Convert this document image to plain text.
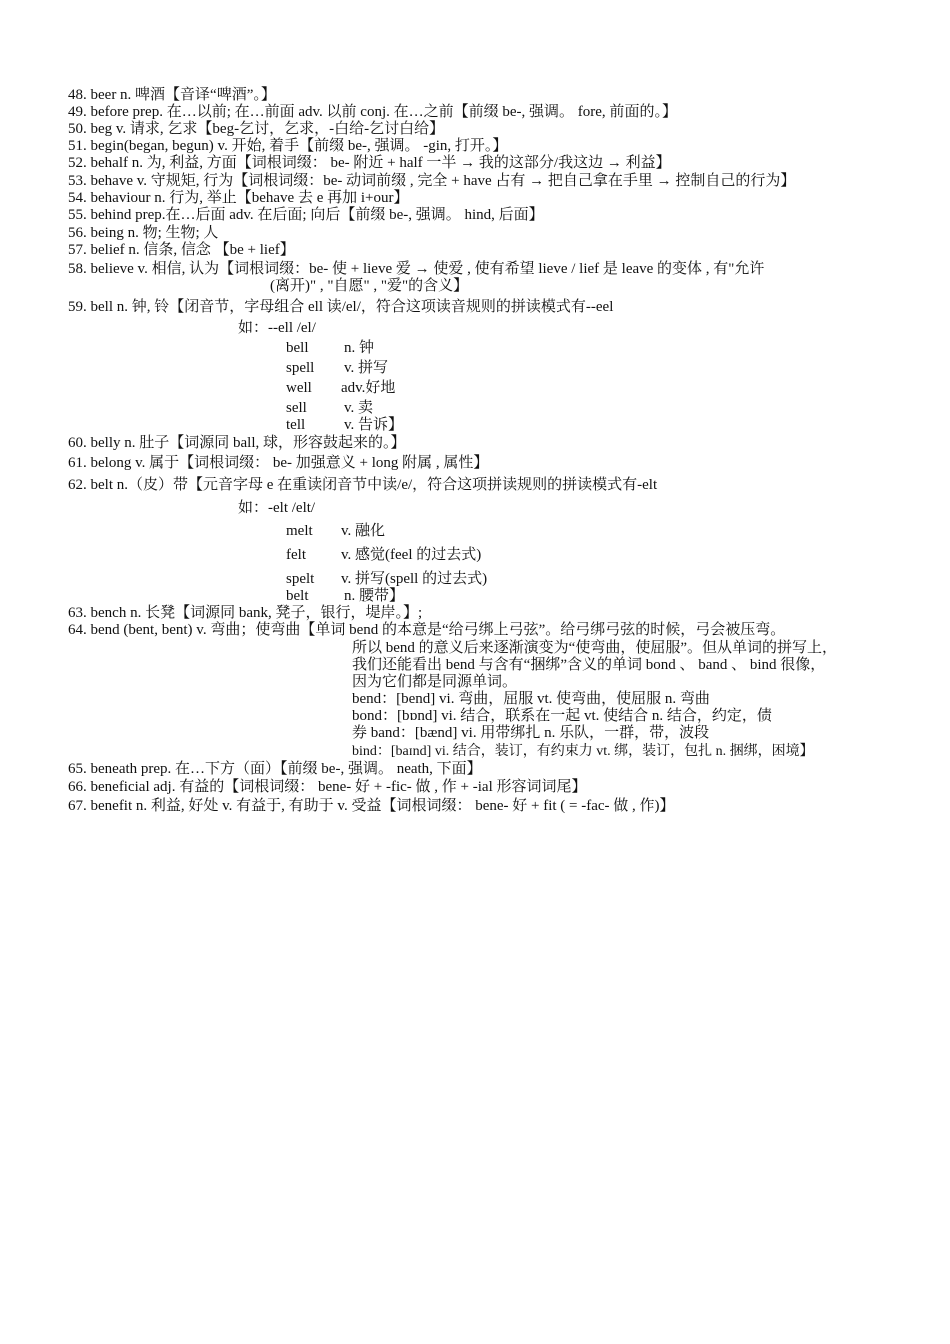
48. beer n. 啤酒【音译“啤酒”。】
49. before prep. 在…以前; 在…前面 adv. 以前 conj. 在…之前【前缀 be-, 强调。 fore, 前面的。】
50. beg v. 请求, 乞求【beg-乞讨，乞求，-白给-乞讨白给】
51. begin(began, begun) v. 开始, 着手【前缀 be-, 强调。 -gin, 打开。】
52. behalf n. 为, 利益, 方面【词根词缀： be- 附近 + half 一半 → 我的这部分/我这边 → 利益】
53. behave v. 守规矩, 行为【词根词缀：be- 动词前缀 , 完全 + have 占有 → 把自己拿在手里 → 控制自己的行为】
54. behaviour n. 行为, 举止【behave 去 e 再加 i+our】
55. behind prep.在…后面 adv. 在后面; 向后【前缀 be-, 强调。 hind, 后面】
56. being n. 物; 生物; 人
57. belief n. 信条, 信念 【be + lief】
58. believe v. 相信, 认为【词根词缀：be- 使 + lieve 爱 → 使爱 , 使有希望 lieve / lief 是 leave 的变体 , 有"允许
(离开)" , "自愿" , "爱"的含义】
59. bell n. 钟, 铃【闭音节，字母组合 ell 读/el/，符合这项读音规则的拼读模式有--eel
如：--ell /el/
bell n. 钟
spell v. 拼写
well adv.好地
sell v. 卖
tell	v. 告诉】
60. belly n. 肚子【词源同 ball, 球，形容鼓起来的。】
61. belong v. 属于【词根词缀： be- 加强意义 + long 附属 , 属性】
62. belt n.（皮）带【元音字母 e 在重读闭音节中读/e/，符合这项拼读规则的拼读模式有-elt
如：-elt /elt/
melt v. 融化
felt v. 感觉(feel 的过去式)
spelt v. 拼写(spell 的过去式)
belt n. 腰带】
63. bench n. 长凳【词源同 bank, 凳子，银行，堤岸。】;
64. bend (bent, bent) v. 弯曲；使弯曲【单词 bend 的本意是“给弓绑上弓弦”。给弓绑弓弦的时候，弓会被压弯。
所以 bend 的意义后来逐渐演变为“使弯曲，使屈服”。但从单词的拼写上，
我们还能看出 bend 与含有“捆绑”含义的单词 bond 、 band 、 bind 很像，
因为它们都是同源单词。
bend：[bend] vi. 弯曲，屈服 vt. 使弯曲，使屈服 n. 弯曲
bond：[bɒnd] vi. 结合，联系在一起 vt. 使结合 n. 结合，约定，债
券 band：[bænd] vi. 用带绑扎 n. 乐队，一群，带，波段
bind：[baɪnd] vi. 结合，装订，有约束力 vt. 绑，装订，包扎 n. 捆绑，困境】
65. beneath prep. 在…下方（面）【前缀 be-, 强调。 neath, 下面】
66. beneficial adj. 有益的【词根词缀： bene- 好 + -fic- 做 , 作 + -ial 形容词词尾】
67. benefit n. 利益, 好处 v. 有益于, 有助于 v. 受益【词根词缀： bene- 好 + fit ( = -fac- 做 , 作)】
